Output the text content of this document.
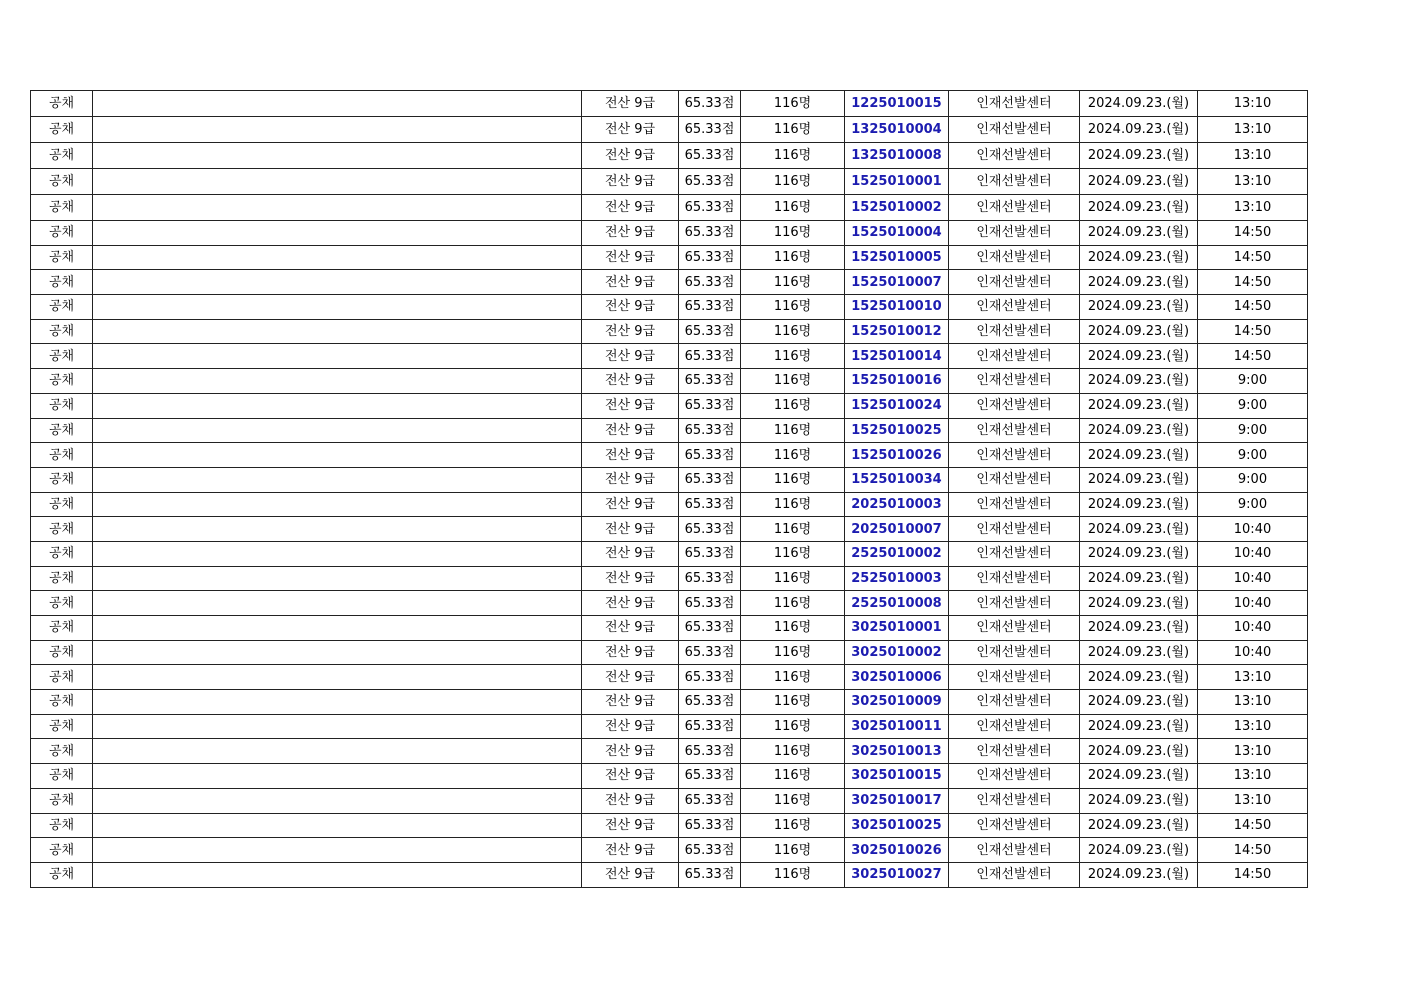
공채		전산 9급	65.33점	116명	1225010015	인재선발센터	2024.09.23.(월)	13:10
공채		전산 9급	65.33점	116명	1325010004	인재선발센터	2024.09.23.(월)	13:10
공채		전산 9급	65.33점	116명	1325010008	인재선발센터	2024.09.23.(월)	13:10
공채		전산 9급	65.33점	116명	1525010001	인재선발센터	2024.09.23.(월)	13:10
공채		전산 9급	65.33점	116명	1525010002	인재선발센터	2024.09.23.(월)	13:10
공채		전산 9급	65.33점	116명	1525010004	인재선발센터	2024.09.23.(월)	14:50
공채		전산 9급	65.33점	116명	1525010005	인재선발센터	2024.09.23.(월)	14:50
공채		전산 9급	65.33점	116명	1525010007	인재선발센터	2024.09.23.(월)	14:50
공채		전산 9급	65.33점	116명	1525010010	인재선발센터	2024.09.23.(월)	14:50
공채		전산 9급	65.33점	116명	1525010012	인재선발센터	2024.09.23.(월)	14:50
공채		전산 9급	65.33점	116명	1525010014	인재선발센터	2024.09.23.(월)	14:50
공채		전산 9급	65.33점	116명	1525010016	인재선발센터	2024.09.23.(월)	9:00
공채		전산 9급	65.33점	116명	1525010024	인재선발센터	2024.09.23.(월)	9:00
공채		전산 9급	65.33점	116명	1525010025	인재선발센터	2024.09.23.(월)	9:00
공채		전산 9급	65.33점	116명	1525010026	인재선발센터	2024.09.23.(월)	9:00
공채		전산 9급	65.33점	116명	1525010034	인재선발센터	2024.09.23.(월)	9:00
공채		전산 9급	65.33점	116명	2025010003	인재선발센터	2024.09.23.(월)	9:00
공채		전산 9급	65.33점	116명	2025010007	인재선발센터	2024.09.23.(월)	10:40
공채		전산 9급	65.33점	116명	2525010002	인재선발센터	2024.09.23.(월)	10:40
공채		전산 9급	65.33점	116명	2525010003	인재선발센터	2024.09.23.(월)	10:40
공채		전산 9급	65.33점	116명	2525010008	인재선발센터	2024.09.23.(월)	10:40
공채		전산 9급	65.33점	116명	3025010001	인재선발센터	2024.09.23.(월)	10:40
공채		전산 9급	65.33점	116명	3025010002	인재선발센터	2024.09.23.(월)	10:40
공채		전산 9급	65.33점	116명	3025010006	인재선발센터	2024.09.23.(월)	13:10
공채		전산 9급	65.33점	116명	3025010009	인재선발센터	2024.09.23.(월)	13:10
공채		전산 9급	65.33점	116명	3025010011	인재선발센터	2024.09.23.(월)	13:10
공채		전산 9급	65.33점	116명	3025010013	인재선발센터	2024.09.23.(월)	13:10
공채		전산 9급	65.33점	116명	3025010015	인재선발센터	2024.09.23.(월)	13:10
공채		전산 9급	65.33점	116명	3025010017	인재선발센터	2024.09.23.(월)	13:10
공채		전산 9급	65.33점	116명	3025010025	인재선발센터	2024.09.23.(월)	14:50
공채		전산 9급	65.33점	116명	3025010026	인재선발센터	2024.09.23.(월)	14:50
공채		전산 9급	65.33점	116명	3025010027	인재선발센터	2024.09.23.(월)	14:50
